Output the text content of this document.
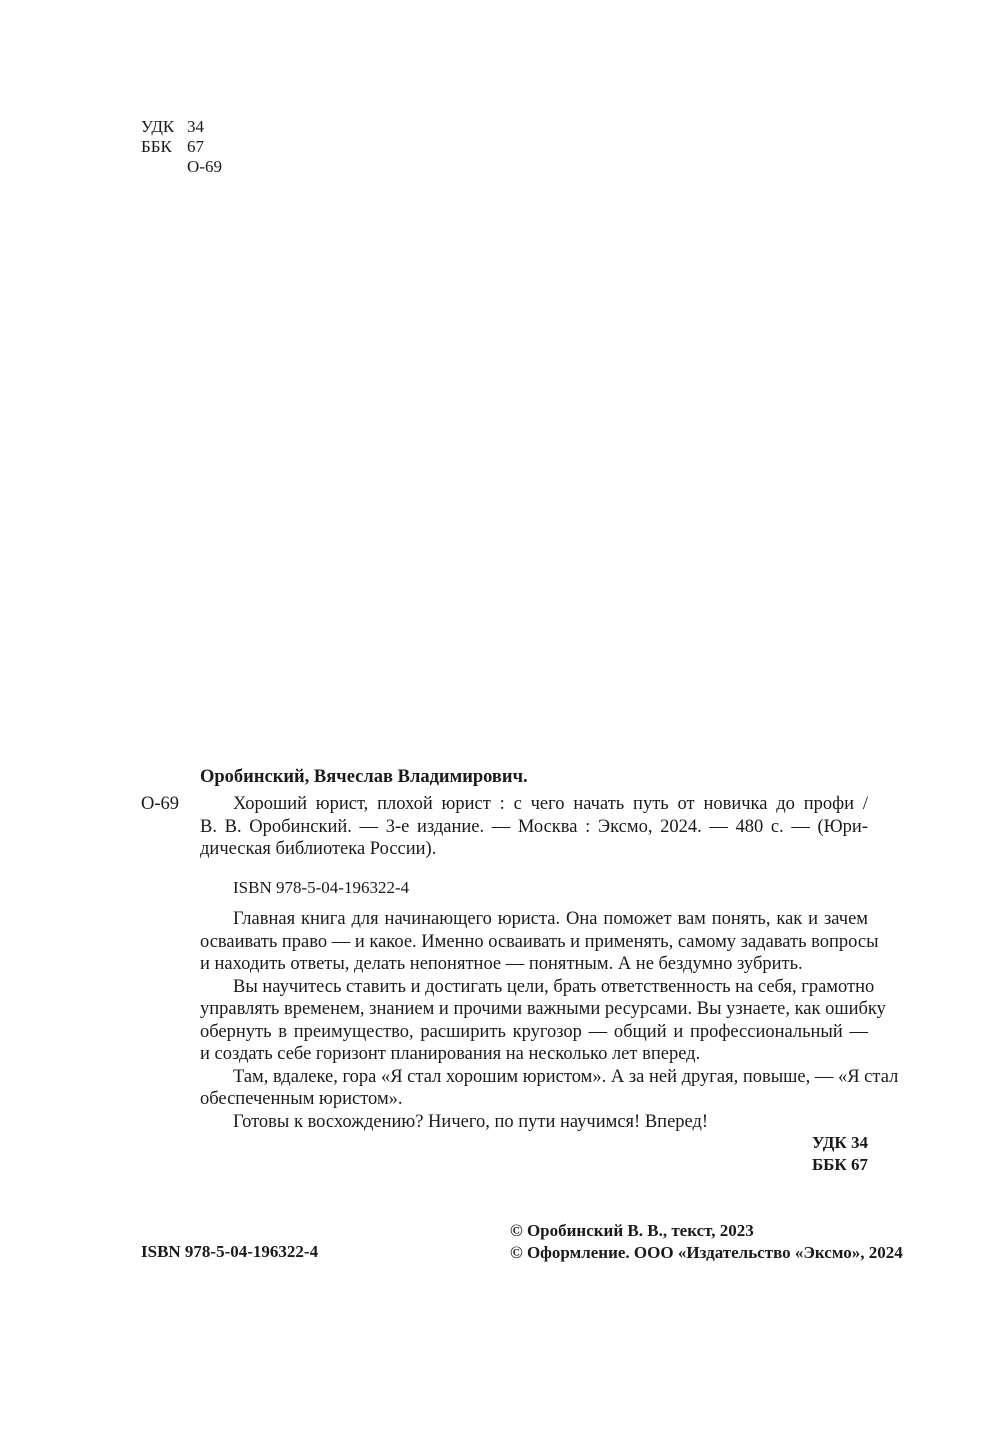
УДК 34
ББК 67
О-69
Оробинский, Вячеслав Владимирович.
О-69	Хороший юрист, плохой юрист : с чего начать путь от новичка до профи /
В. В. Оробинский. — 3-е издание. — Москва : Эксмо, 2024. — 480 с. — (Юри-
дическая библиотека России).
ISBN 978-5-04-196322-4
Главная книга для начинающего юриста. Она поможет вам понять, как и зачем
осваивать право — и какое. Именно осваивать и применять, самому задавать вопросы
и находить ответы, делать непонятное — понятным. А не бездумно зубрить.
Вы научитесь ставить и достигать цели, брать ответственность на себя, грамотно
управлять временем, знанием и прочими важными ресурсами. Вы узнаете, как ошибку
обернуть в преимущество, расширить кругозор — общий и профессиональный —
и создать себе горизонт планирования на несколько лет вперед.
Там, вдалеке, гора «Я стал хорошим юристом». А за ней другая, повыше, — «Я стал
обеспеченным юристом».
Готовы к восхождению? Ничего, по пути научимся! Вперед!
УДК 34
ББК 67
ISBN 978-5-04-196322-4
© Оробинский В. В., текст, 2023
© Оформление. ООО «Издательство «Эксмо», 2024
